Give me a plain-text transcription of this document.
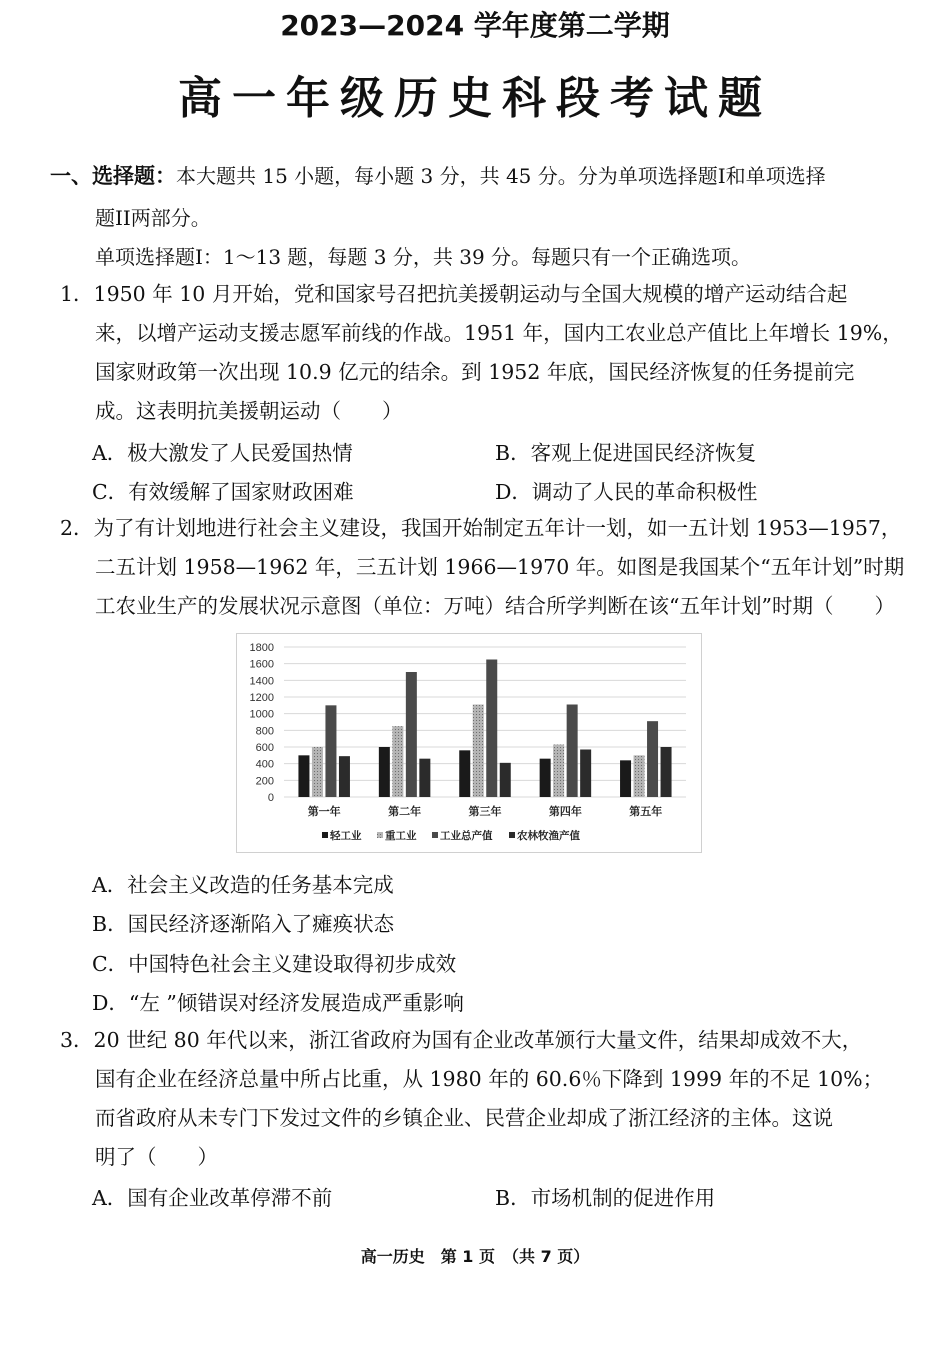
2023—2024 学年度第二学期
高一年级历史科段考试题
一、选择题：本大题共 15 小题，每小题 3 分，共 45 分。分为单项选择题I和单项选择
题II两部分。
单项选择题Ⅰ：1～13 题，每题 3 分，共 39 分。每题只有一个正确选项。
1．1950 年 10 月开始，党和国家号召把抗美援朝运动与全国大规模的增产运动结合起
来，以增产运动支援志愿军前线的作战。1951 年，国内工农业总产值比上年增长 19%，
国家财政第一次出现 10.9 亿元的结余。到 1952 年底，国民经济恢复的任务提前完
成。这表明抗美援朝运动（　　）
A．极大激发了人民爱国热情	B．客观上促进国民经济恢复
C．有效缓解了国家财政困难	D．调动了人民的革命积极性
2．为了有计划地进行社会主义建设，我国开始制定五年计一划，如一五计划 1953—1957，
二五计划 1958—1962 年，三五计划 1966—1970 年。如图是我国某个“五年计划”时期
工农业生产的发展状况示意图（单位：万吨）结合所学判断在该“五年计划”时期（　　）
0
200
400
600
800
1000
1200
1400
1600
1800
第一年	第二年	第三年	第四年	第五年
轻工业 重工业 工业总产值 农林牧渔产值
A．社会主义改造的任务基本完成
B．国民经济逐渐陷入了瘫痪状态
C．中国特色社会主义建设取得初步成效
D．“左 ”倾错误对经济发展造成严重影响
3．20 世纪 80 年代以来，浙江省政府为国有企业改革颁行大量文件，结果却成效不大，
国有企业在经济总量中所占比重，从 1980 年的 60.6％下降到 1999 年的不足 10%；
而省政府从未专门下发过文件的乡镇企业、民营企业却成了浙江经济的主体。这说
明了（　　）
A．国有企业改革停滞不前	B．市场机制的促进作用
高一历史　第 1 页　（共 7 页）
